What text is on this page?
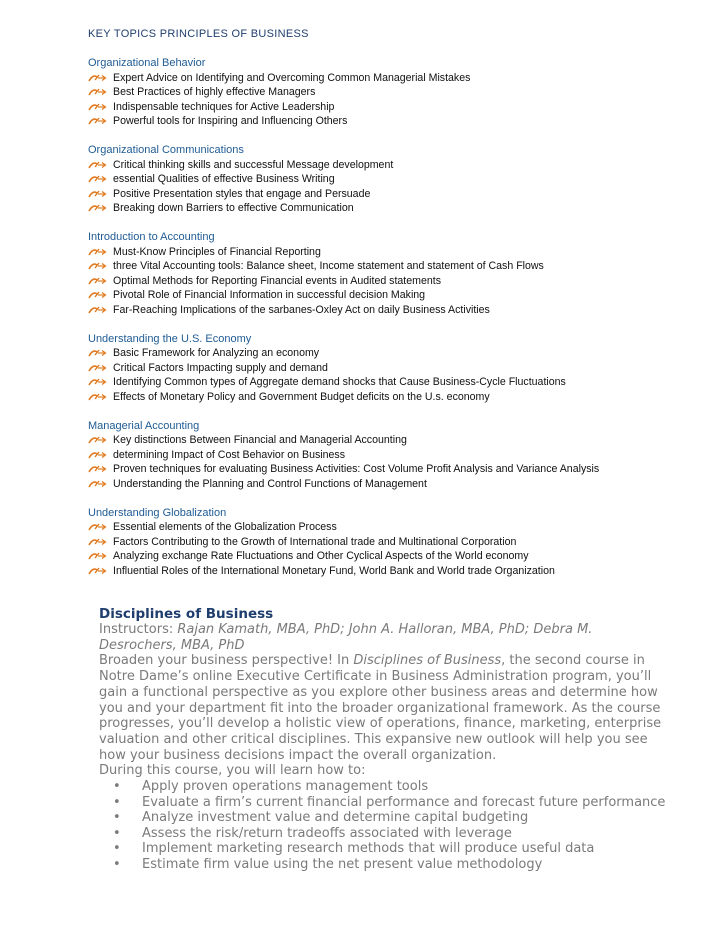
KEY TOPICS PRINCIPLES OF BUSINESS
Organizational Behavior
Expert Advice on Identifying and Overcoming Common Managerial Mistakes
Best Practices of highly effective Managers
Indispensable techniques for Active Leadership
Powerful tools for Inspiring and Influencing Others
Organizational Communications
Critical thinking skills and successful Message development
essential Qualities of effective Business Writing
Positive Presentation styles that engage and Persuade
Breaking down Barriers to effective Communication
Introduction to Accounting
Must-Know Principles of Financial Reporting
three Vital Accounting tools: Balance sheet, Income statement and statement of Cash Flows
Optimal Methods for Reporting Financial events in Audited statements
Pivotal Role of Financial Information in successful decision Making
Far-Reaching Implications of the sarbanes-Oxley Act on daily Business Activities
Understanding the U.S. Economy
Basic Framework for Analyzing an economy
Critical Factors Impacting supply and demand
Identifying Common types of Aggregate demand shocks that Cause Business-Cycle Fluctuations
Effects of Monetary Policy and Government Budget deficits on the U.s. economy
Managerial Accounting
Key distinctions Between Financial and Managerial Accounting
determining Impact of Cost Behavior on Business
Proven techniques for evaluating Business Activities: Cost Volume Profit Analysis and Variance Analysis
Understanding the Planning and Control Functions of Management
Understanding Globalization
Essential elements of the Globalization Process
Factors Contributing to the Growth of International trade and Multinational Corporation
Analyzing exchange Rate Fluctuations and Other Cyclical Aspects of the World economy
Influential Roles of the International Monetary Fund, World Bank and World trade Organization
Disciplines of Business
Instructors: Rajan Kamath, MBA, PhD; John A. Halloran, MBA, PhD; Debra M.
Desrochers, MBA, PhD
Broaden your business perspective! In Disciplines of Business, the second course in
Notre Dame’s online Executive Certificate in Business Administration program, you’ll
gain a functional perspective as you explore other business areas and determine how
you and your department fit into the broader organizational framework. As the course
progresses, you’ll develop a holistic view of operations, finance, marketing, enterprise
valuation and other critical disciplines. This expansive new outlook will help you see
how your business decisions impact the overall organization.
During this course, you will learn how to:
• Apply proven operations management tools
• Evaluate a firm’s current financial performance and forecast future performance
• Analyze investment value and determine capital budgeting
• Assess the risk/return tradeoffs associated with leverage
• Implement marketing research methods that will produce useful data
• Estimate firm value using the net present value methodology
